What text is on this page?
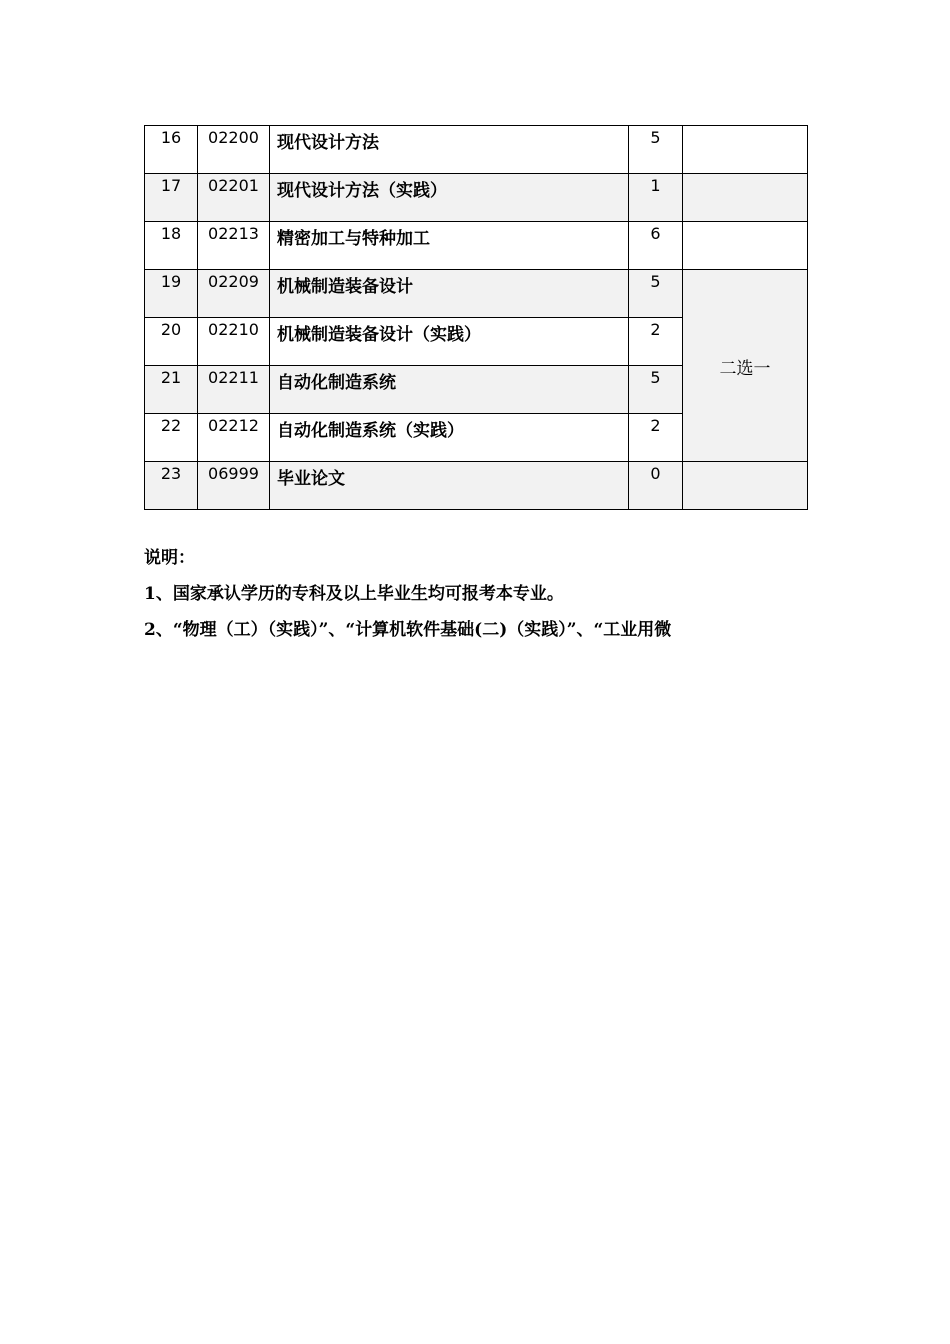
16	02200	现代设计方法	5	
17	02201	现代设计方法（实践）	1	
18	02213	精密加工与特种加工	6	
19	02209	机械制造装备设计	5	二选一
20	02210	机械制造装备设计（实践）	2	
21	02211	自动化制造系统	5	
22	02212	自动化制造系统（实践）	2	
23	06999	毕业论文	0	

说明：

1、国家承认学历的专科及以上毕业生均可报考本专业。

2、“物理（工）（实践）”、“计算机软件基础(二)（实践）”、“工业用微
